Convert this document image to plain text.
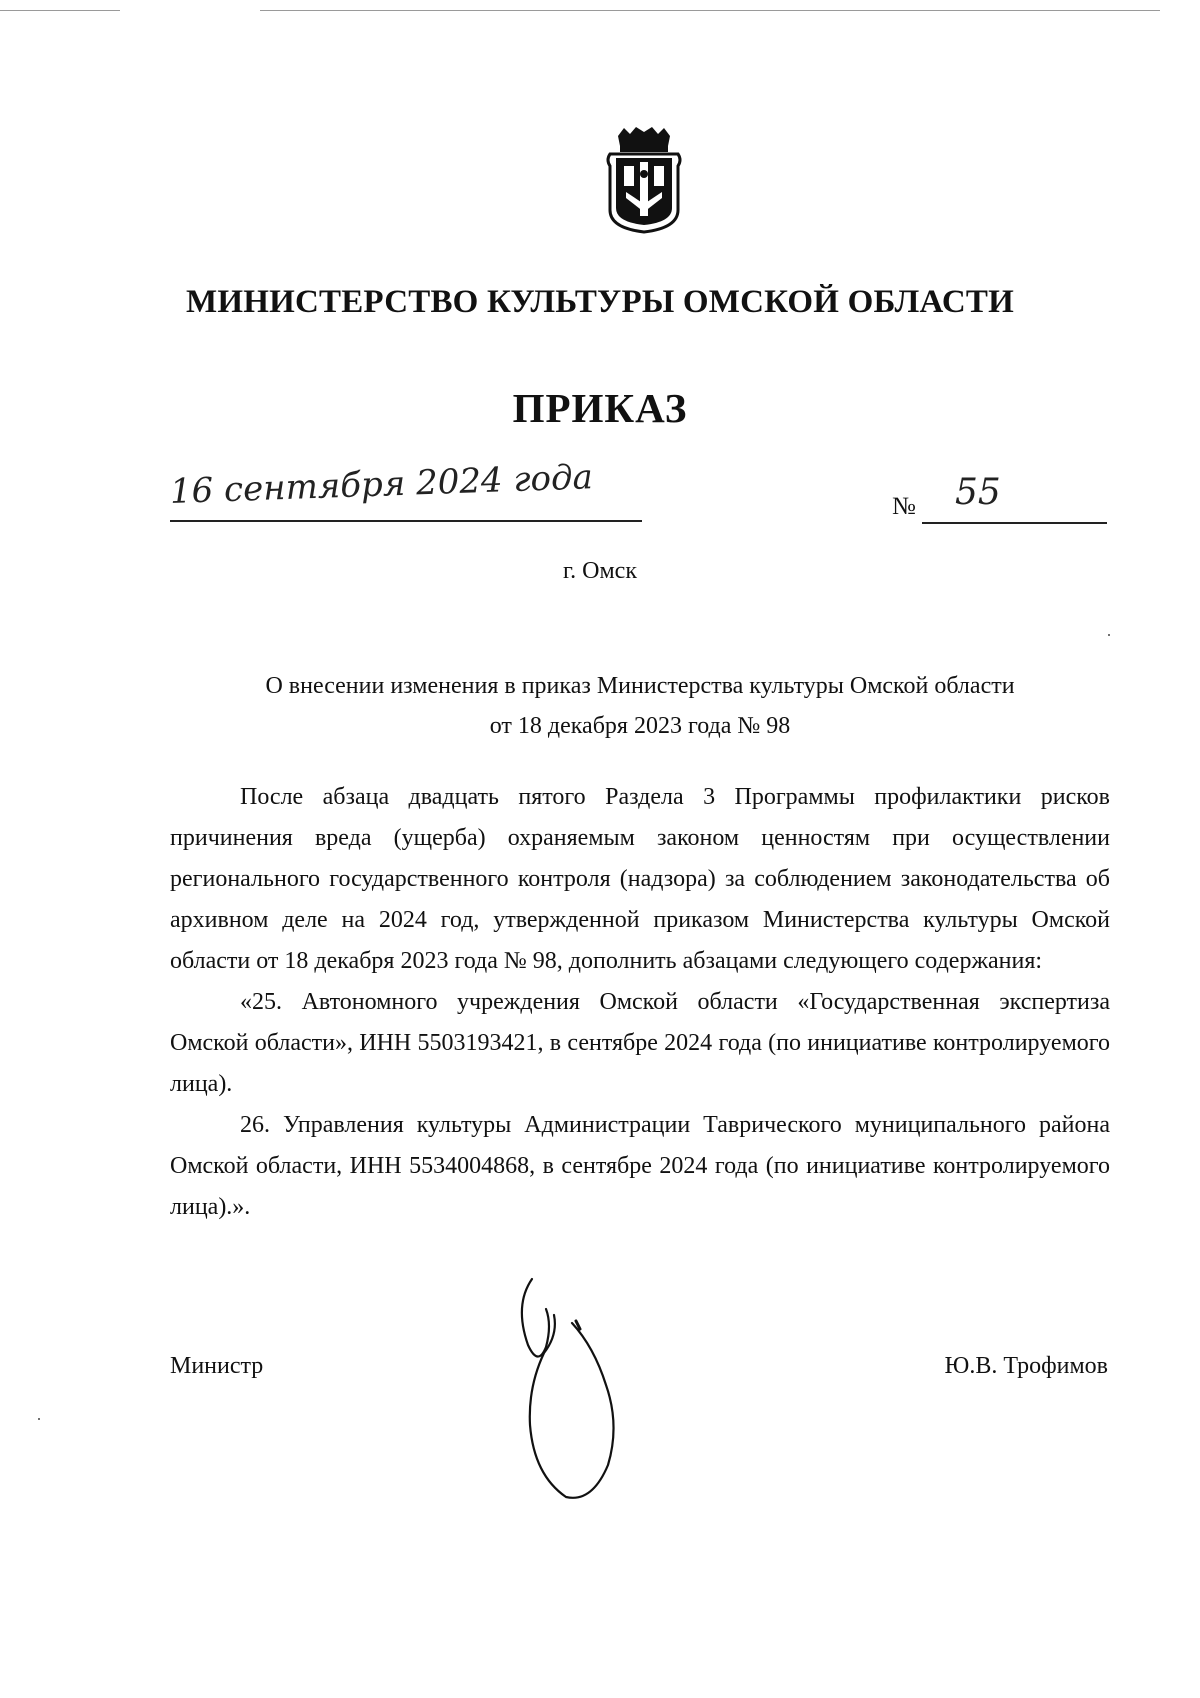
МИНИСТЕРСТВО КУЛЬТУРЫ ОМСКОЙ ОБЛАСТИ
ПРИКАЗ
16 сентября 2024 года	№ 55
г. Омск
О внесении изменения в приказ Министерства культуры Омской области
от 18 декабря 2023 года № 98

После абзаца двадцать пятого Раздела 3 Программы профилактики рисков причинения вреда (ущерба) охраняемым законом ценностям при осуществлении регионального государственного контроля (надзора) за соблюдением законодательства об архивном деле на 2024 год, утвержденной приказом Министерства культуры Омской области от 18 декабря 2023 года № 98, дополнить абзацами следующего содержания:

«25. Автономного учреждения Омской области «Государственная экспертиза Омской области», ИНН 5503193421, в сентябре 2024 года (по инициативе контролируемого лица).

26. Управления культуры Администрации Таврического муниципального района Омской области, ИНН 5534004868, в сентябре 2024 года (по инициативе контролируемого лица).».

Министр	Ю.В. Трофимов
